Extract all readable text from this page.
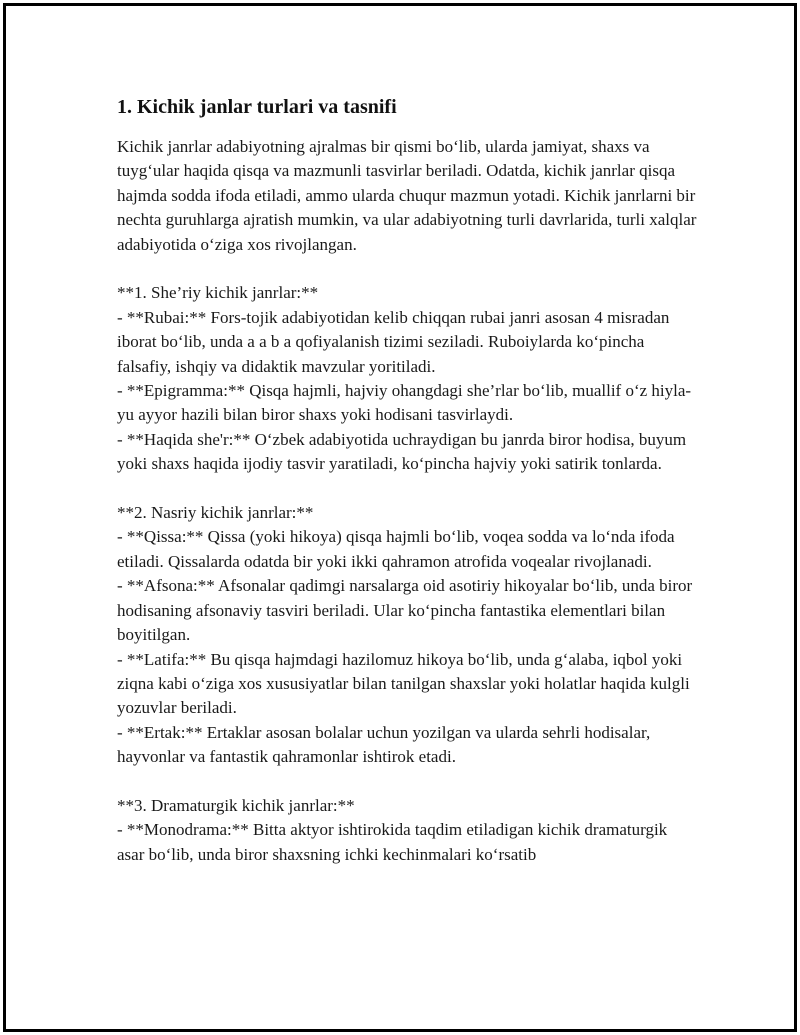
1. Kichik janlar turlari va tasnifi

Kichik janrlar adabiyotning ajralmas bir qismi boʻlib, ularda jamiyat, shaxs va tuygʻular haqida qisqa va mazmunli tasvirlar beriladi. Odatda, kichik janrlar qisqa hajmda sodda ifoda etiladi, ammo ularda chuqur mazmun yotadi. Kichik janrlarni bir nechta guruhlarga ajratish mumkin, va ular adabiyotning turli davrlarida, turli xalqlar adabiyotida oʻziga xos rivojlangan.

**1. She’riy kichik janrlar:**

- **Rubai:** Fors-tojik adabiyotidan kelib chiqqan rubai janri asosan 4 misradan iborat boʻlib, unda a a b a qofiyalanish tizimi seziladi. Ruboiylarda koʻpincha falsafiy, ishqiy va didaktik mavzular yoritiladi.

- **Epigramma:** Qisqa hajmli, hajviy ohangdagi she’rlar boʻlib, muallif oʻz hiyla-yu ayyor hazili bilan biror shaxs yoki hodisani tasvirlaydi.

- **Haqida she'r:** Oʻzbek adabiyotida uchraydigan bu janrda biror hodisa, buyum yoki shaxs haqida ijodiy tasvir yaratiladi, koʻpincha hajviy yoki satirik tonlarda.

**2. Nasriy kichik janrlar:**

- **Qissa:** Qissa (yoki hikoya) qisqa hajmli boʻlib, voqea sodda va loʻnda ifoda etiladi. Qissalarda odatda bir yoki ikki qahramon atrofida voqealar rivojlanadi.

- **Afsona:** Afsonalar qadimgi narsalarga oid asotiriy hikoyalar boʻlib, unda biror hodisaning afsonaviy tasviri beriladi. Ular koʻpincha fantastika elementlari bilan boyitilgan.

- **Latifa:** Bu qisqa hajmdagi hazilomuz hikoya boʻlib, unda gʻalaba, iqbol yoki ziqna kabi oʻziga xos xususiyatlar bilan tanilgan shaxslar yoki holatlar haqida kulgli yozuvlar beriladi.

- **Ertak:** Ertaklar asosan bolalar uchun yozilgan va ularda sehrli hodisalar, hayvonlar va fantastik qahramonlar ishtirok etadi.

**3. Dramaturgik kichik janrlar:**

- **Monodrama:** Bitta aktyor ishtirokida taqdim etiladigan kichik dramaturgik asar boʻlib, unda biror shaxsning ichki kechinmalari koʻrsatib
